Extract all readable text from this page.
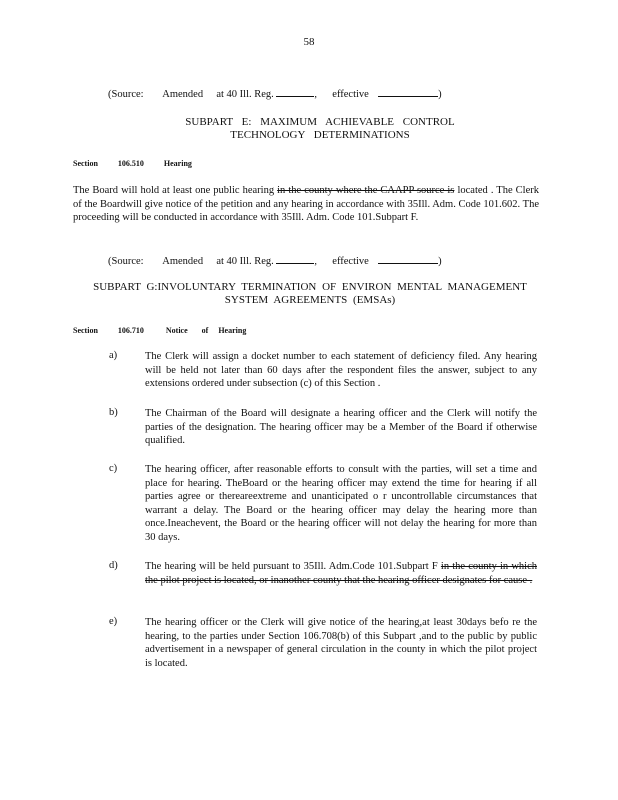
58
(Source: Amended at 40 Ill. Reg.	, effective	)
SUBPART E: MAXIMUM ACHIEVABLE CONTROL
TECHNOLOGY DETERMINATIONS
Section	106.510	Hearing
The Board will hold at least one public hearing in the county where the CAAPP source is located . The Clerk of the Boardwill give notice of the petition and any hearing in accordance with 35Ill. Adm. Code 101.602. The proceeding will be conducted in accordance with 35Ill. Adm. Code 101.Subpart F.
(Source: Amended at 40 Ill. Reg.	, effective	)
SUBPART G:INVOLUNTARY TERMINATION OF ENVIRON MENTAL MANAGEMENT
SYSTEM AGREEMENTS (EMSAs)
Section	106.710	Notice of Hearing
a)	The Clerk will assign a docket number to each statement of deficiency filed. Any hearing will be held not later than 60 days after the respondent files the answer, subject to any extensions ordered under subsection (c) of this Section .
b)	The Chairman of the Board will designate a hearing officer and the Clerk will notify the parties of the designation. The hearing officer may be a Member of the Board if otherwise qualified.
c)	The hearing officer, after reasonable efforts to consult with the parties, will set a time and place for hearing. TheBoard or the hearing officer may extend the time for hearing if all parties agree or thereareextreme and unanticipated o r uncontrollable circumstances that warrant a delay. The Board or the hearing officer may delay the hearing more than once.Ineachevent, the Board or the hearing officer will not delay the hearing for more than 30 days.
d)	The hearing will be held pursuant to 35Ill. Adm.Code 101.Subpart F in the county in which the pilot project is located, or inanother county that the hearing officer designates for cause .
e)	The hearing officer or the Clerk will give notice of the hearing,at least 30days befo re the hearing, to the parties under Section 106.708(b) of this Subpart ,and to the public by public advertisement in a newspaper of general circulation in the county in which the pilot project is located.
